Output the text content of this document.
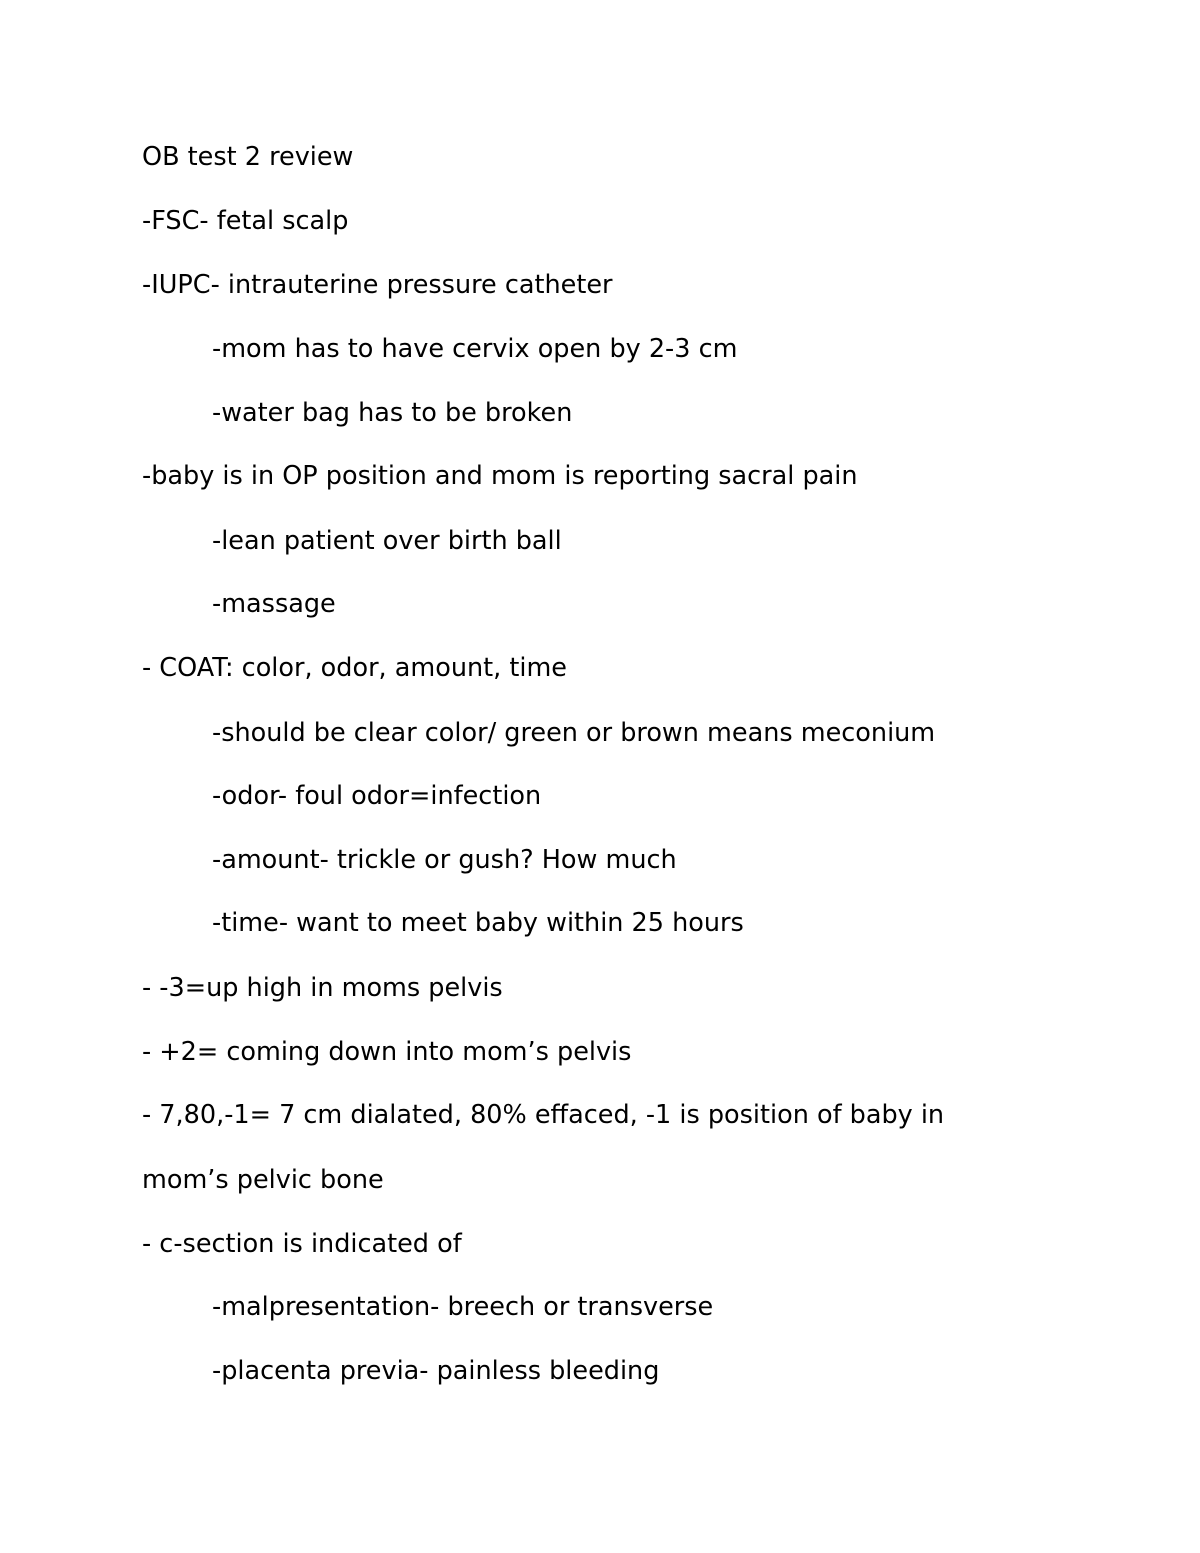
OB test 2 review
-FSC- fetal scalp
-IUPC- intrauterine pressure catheter
-mom has to have cervix open by 2-3 cm
-water bag has to be broken
-baby is in OP position and mom is reporting sacral pain
-lean patient over birth ball
-massage
- COAT: color, odor, amount, time
-should be clear color/ green or brown means meconium
-odor- foul odor=infection
-amount- trickle or gush? How much
-time- want to meet baby within 25 hours
- -3=up high in moms pelvis
- +2= coming down into mom’s pelvis
- 7,80,-1= 7 cm dialated, 80% effaced, -1 is position of baby in
mom’s pelvic bone
- c-section is indicated of
-malpresentation- breech or transverse
-placenta previa- painless bleeding
